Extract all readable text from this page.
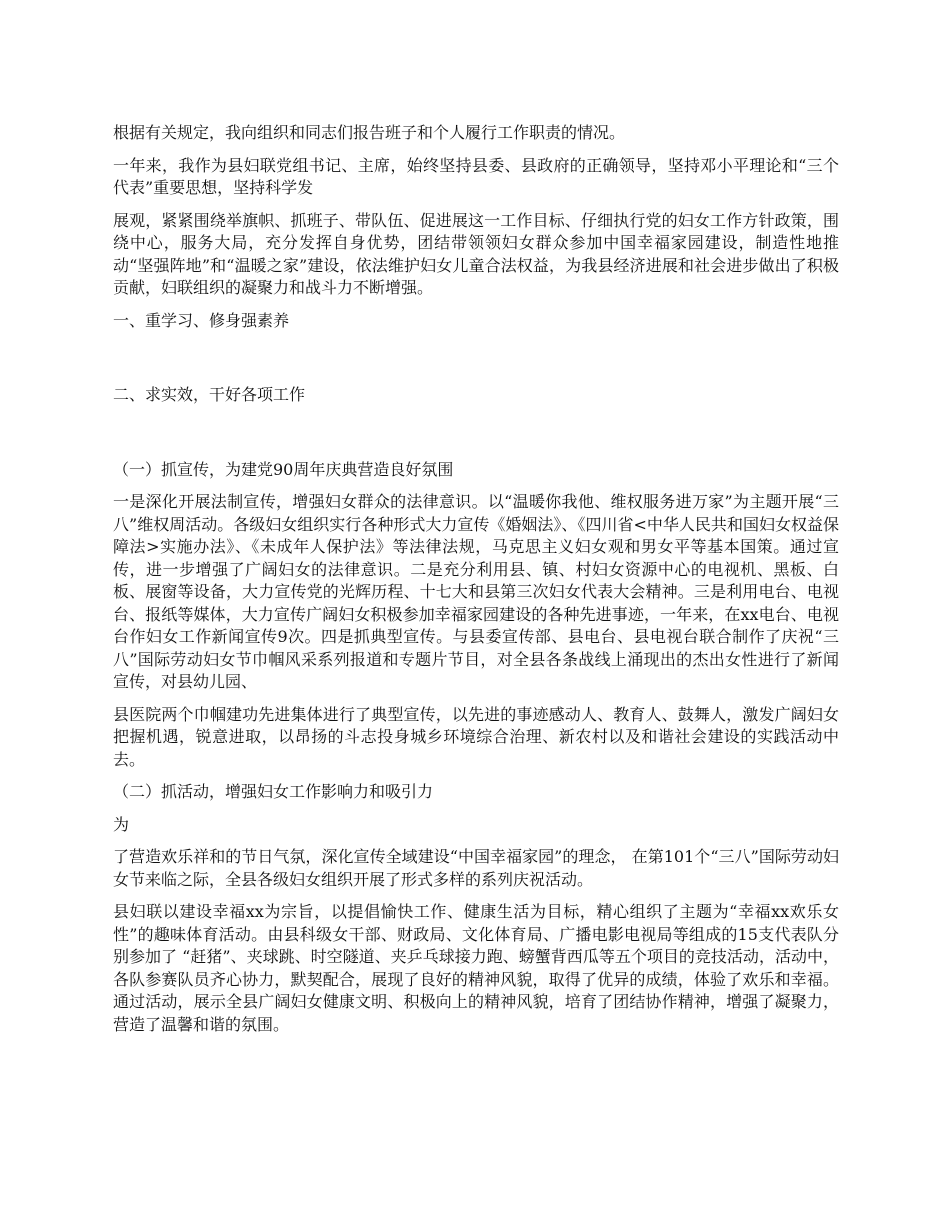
根据有关规定，我向组织和同志们报告班子和个人履行工作职责的情况。

一年来，我作为县妇联党组书记、主席，始终坚持县委、县政府的正确领导，坚持邓小平理论和“三个代表”重要思想，坚持科学发

展观，紧紧围绕举旗帜、抓班子、带队伍、促进展这一工作目标、仔细执行党的妇女工作方针政策，围绕中心，服务大局，充分发挥自身优势，团结带领领妇女群众参加中国幸福家园建设，制造性地推动“坚强阵地”和“温暖之家”建设，依法维护妇女儿童合法权益，为我县经济进展和社会进步做出了积极贡献，妇联组织的凝聚力和战斗力不断增强。

一、重学习、修身强素养

二、求实效，干好各项工作

（一）抓宣传，为建党90周年庆典营造良好氛围

一是深化开展法制宣传，增强妇女群众的法律意识。以“温暖你我他、维权服务进万家”为主题开展“三八”维权周活动。各级妇女组织实行各种形式大力宣传《婚姻法》、《四川省<中华人民共和国妇女权益保障法>实施办法》、《未成年人保护法》等法律法规，马克思主义妇女观和男女平等基本国策。通过宣传，进一步增强了广阔妇女的法律意识。二是充分利用县、镇、村妇女资源中心的电视机、黑板、白板、展窗等设备，大力宣传党的光辉历程、十七大和县第三次妇女代表大会精神。三是利用电台、电视台、报纸等媒体，大力宣传广阔妇女积极参加幸福家园建设的各种先进事迹，一年来，在xx电台、电视台作妇女工作新闻宣传9次。四是抓典型宣传。与县委宣传部、县电台、县电视台联合制作了庆祝“三八”国际劳动妇女节巾帼风采系列报道和专题片节目，对全县各条战线上涌现出的杰出女性进行了新闻宣传，对县幼儿园、

县医院两个巾帼建功先进集体进行了典型宣传，以先进的事迹感动人、教育人、鼓舞人，激发广阔妇女把握机遇，锐意进取，以昂扬的斗志投身城乡环境综合治理、新农村以及和谐社会建设的实践活动中去。

（二）抓活动，增强妇女工作影响力和吸引力

为

了营造欢乐祥和的节日气氛，深化宣传全域建设“中国幸福家园”的理念， 在第101个“三八”国际劳动妇女节来临之际，全县各级妇女组织开展了形式多样的系列庆祝活动。

县妇联以建设幸福xx为宗旨，以提倡愉快工作、健康生活为目标，精心组织了主题为“幸福xx欢乐女性”的趣味体育活动。由县科级女干部、财政局、文化体育局、广播电影电视局等组成的15支代表队分别参加了 “赶猪”、夹球跳、时空隧道、夹乒乓球接力跑、螃蟹背西瓜等五个项目的竞技活动，活动中，各队参赛队员齐心协力，默契配合，展现了良好的精神风貌，取得了优异的成绩，体验了欢乐和幸福。通过活动，展示全县广阔妇女健康文明、积极向上的精神风貌，培育了团结协作精神，增强了凝聚力，营造了温馨和谐的氛围。
